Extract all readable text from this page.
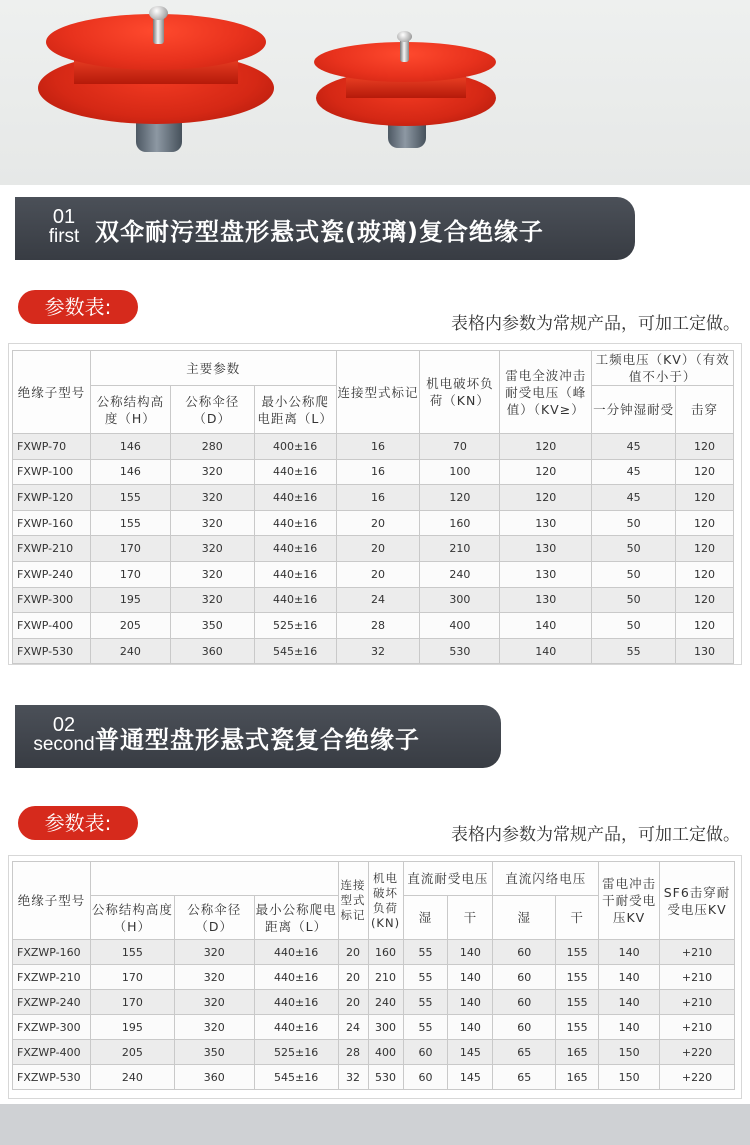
01
first 双伞耐污型盘形悬式瓷(玻璃)复合绝缘子
参数表:
表格内参数为常规产品，可加工定做。
绝缘子型号	主要参数			连接型式标记	机电破坏负荷（KN）	雷电全波冲击耐受电压（峰值）（KV≥）	工频电压（KV）（有效值不小于）	
	公称结构高度（H）	公称伞径（D）	最小公称爬电距离（L）				一分钟湿耐受	击穿
FXWP-70	146	280	400±16	16	70	120	45	120
FXWP-100	146	320	440±16	16	100	120	45	120
FXWP-120	155	320	440±16	16	120	120	45	120
FXWP-160	155	320	440±16	20	160	130	50	120
FXWP-210	170	320	440±16	20	210	130	50	120
FXWP-240	170	320	440±16	20	240	130	50	120
FXWP-300	195	320	440±16	24	300	130	50	120
FXWP-400	205	350	525±16	28	400	140	50	120
FXWP-530	240	360	545±16	32	530	140	55	130
02
second 普通型盘形悬式瓷复合绝缘子
参数表:	表格内参数为常规产品，可加工定做。
绝缘子型号				连接型式标记	机电破坏负荷(KN)	直流耐受电压		直流闪络电压		雷电冲击干耐受电压KV	SF6击穿耐受电压KV
	公称结构高度（H）	公称伞径（D）	最小公称爬电距离（L）			湿	干	湿	干		
FXZWP-160	155	320	440±16	20	160	55	140	60	155	140	+210
FXZWP-210	170	320	440±16	20	210	55	140	60	155	140	+210
FXZWP-240	170	320	440±16	20	240	55	140	60	155	140	+210
FXZWP-300	195	320	440±16	24	300	55	140	60	155	140	+210
FXZWP-400	205	350	525±16	28	400	60	145	65	165	150	+220
FXZWP-530	240	360	545±16	32	530	60	145	65	165	150	+220
